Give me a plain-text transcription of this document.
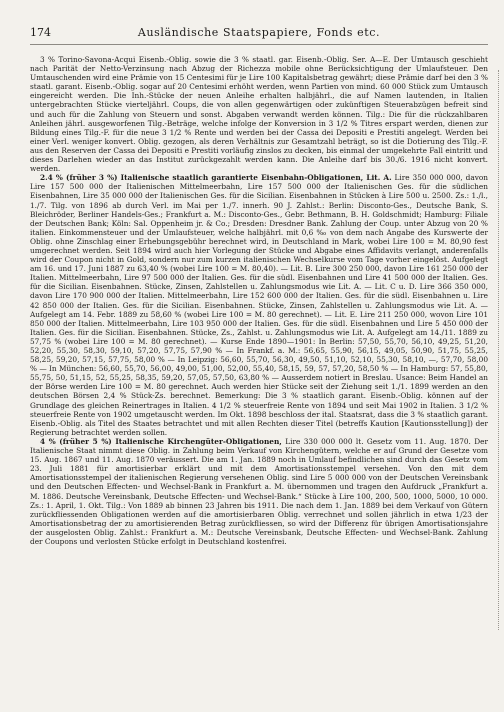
174	Ausländische Staatspapiere, Fonds etc.

3 % Torino-Savona-Acqui Eisenb.-Oblig. sowie die 3 % staatl. gar. Eisenb.-Oblig. Ser. A—E. Der Umtausch geschieht nach Parität der Netto-Verzinsung nach Abzug der Richezza mobile ohne Berücksichtigung der Umlaufsteuer. Den Umtauschenden wird eine Prämie von 15 Centesimi für je Lire 100 Kapitalsbetrag gewährt; diese Prämie darf bei den 3 % staatl. garant. Eisenb.-Oblig. sogar auf 20 Centesimi erhöht werden, wenn Partien von mind. 60 000 Stück zum Umtausch eingereicht werden. Die Inh.-Stücke der neuen Anleihe erhalten halbjährl., die auf Namen lautenden, in Italien untergebrachten Stücke vierteljährl. Coups, die von allen gegenwärtigen oder zukünftigen Steuerabzügen befreit sind und auch für die Zahlung von Steuern und sonst. Abgaben verwandt werden können. Tilg.: Die für die rückzahlbaren Anleihen jährl. ausgeworfenen Tilg.-Beträge, welche infolge der Konversion in 3 1/2 % Titres erspart werden, dienen zur Bildung eines Tilg.-F. für die neue 3 1/2 % Rente und werden bei der Cassa dei Depositi e Prestiti angelegt. Werden bei einer Verl. weniger konvert. Oblig. gezogen, als deren Verhältnis zur Gesamtzahl beträgt, so ist die Dotierung des Tilg.-F. aus den Reserven der Cassa dei Depositi e Prestiti vorläufig zinslos zu decken, bis einmal der umgekehrte Fall eintritt und dieses Darlehen wieder an das Institut zurückgezahlt werden kann. Die Anleihe darf bis 30./6. 1916 nicht konvert. werden.

2.4 % (früher 3 %) Italienische staatlich garantierte Eisenbahn-Obligationen, Lit. A. Lire 350 000 000, davon Lire 157 500 000 der Italienischen Mittelmeerbahn, Lire 157 500 000 der Italienischen Ges. für die südlichen Eisenbahnen, Lire 35 000 000 der Italienischen Ges. für die Sicilian. Eisenbahnen in Stücken à Lire 500 u. 2500. Zs.: 1./l., 1./7. Tilg. von 1896 ab durch Verl. im Mai per 1./7. innerh. 90 J. Zahlst.: Berlin: Disconto-Ges., Deutsche Bank, S. Bleichröder, Berliner Handels-Ges.; Frankfurt a. M.: Disconto-Ges., Gebr. Bethmann, B. H. Goldschmidt; Hamburg: Filiale der Deutschen Bank; Köln: Sal. Oppenheim jr. & Co.; Dresden: Dresdner Bank. Zahlung der Coup. unter Abzug von 20 % italien. Einkommensteuer und der Umlaufsteuer, welche halbjährl. mit 0,6 ‰ von dem nach Angabe des Kurswerte der Oblig. ohne Zinschlag einer Erhebungsgebühr berechnet wird, in Deutschland in Mark, wobei Lire 100 = M. 80,90 fest umgerechnet werden. Seit 1894 wird auch hier Vorlegung der Stücke und Abgabe eines Affidavits verlangt, anderenfalls wird der Coupon nicht in Gold, sondern nur zum kurzen italienischen Wechselkurse vom Tage vorher eingelöst. Aufgelegt am 16. und 17. Juni 1887 zu 63,40 % (wobei Lire 100 = M. 80,40). — Lit. B. Lire 300 250 000, davon Lire 161 250 000 der Italien. Mittelmeerbahn, Lire 97 500 000 der Italien. Ges. für die südl. Eisenbahnen und Lire 41 500 000 der Italien. Ges. für die Sicilian. Eisenbahnen. Stücke, Zinsen, Zahlstellen u. Zahlungsmodus wie Lit. A. — Lit. C u. D. Lire 366 350 000, davon Lire 170 900 000 der Italien. Mittelmeerbahn, Lire 152 600 000 der Italien. Ges. für die südl. Eisenbahnen u. Lire 42 850 000 der Italien. Ges. für die Sicilian. Eisenbahnen. Stücke, Zinsen, Zahlstellen u. Zahlungsmodus wie Lit. A. — Aufgelegt am 14. Febr. 1889 zu 58,60 % (wobei Lire 100 = M. 80 gerechnet). — Lit. E. Lire 211 250 000, wovon Lire 101 850 000 der Italien. Mittelmeerbahn, Lire 103 950 000 der Italien. Ges. für die südl. Eisenbahnen und Lire 5 450 000 der Italien. Ges. für die Sicilian. Eisenbahnen. Stücke, Zs., Zahlst. u. Zahlungsmodus wie Lit. A. Aufgelegt am 14./11. 1889 zu 57,75 % (wobei Lire 100 = M. 80 gerechnet). — Kurse Ende 1890—1901: In Berlin: 57,50, 55,70, 56,10, 49,25, 51,20, 52,20, 55,30, 58,30, 59,10, 57,20, 57,75, 57,90 % — In Frankf. a. M.: 56,65, 55,90, 56,15, 49,05, 50,90, 51,75, 55,25, 58,25, 59,20, 57,15, 57,75, 58,00 % — In Leipzig: 56,60, 55,70, 56,30, 49,50, 51,10, 52,10, 55,30, 58,10, —, 57,70, 58,00 % — In München: 56,60, 55,70, 56,00, 49,00, 51,00, 52,00, 55,40, 58,15, 59, 57, 57,20, 58,50 % — In Hamburg: 57, 55,80, 55,75, 50, 51,15, 52, 55,25, 58,35, 59,20, 57,05, 57,50, 63,80 % — Ausserdem notiert in Breslau. Usance: Beim Handel an der Börse werden Lire 100 = M. 80 gerechnet. Auch werden hier Stücke seit der Ziehung seit 1./1. 1899 werden an den deutschen Börsen 2,4 % Stück-Zs. berechnet. Bemerkung: Die 3 % staatlich garant. Eisenb.-Oblig. können auf der Grundlage des gleichen Reinertrages in Italien. 4 1/2 % steuerfreie Rente von 1894 und seit Mai 1902 in Italien. 3 1/2 % steuerfreie Rente von 1902 umgetauscht werden. Im Okt. 1898 beschloss der ital. Staatsrat, dass die 3 % staatlich garant. Eisenb.-Oblig. als Titel des Staates betrachtet und mit allen Rechten dieser Titel (betreffs Kaution [Kautionsstellung]) der Regierung betrachtet werden sollen.

4 % (früher 5 %) Italienische Kirchengüter-Obligationen, Lire 330 000 000 lt. Gesetz vom 11. Aug. 1870. Der Italienische Staat nimmt diese Oblig. in Zahlung beim Verkauf von Kirchengütern, welche er auf Grund der Gesetze vom 15. Aug. 1867 und 11. Aug. 1870 veräussert. Die am 1. Jan. 1889 noch in Umlauf befindlichen sind durch das Gesetz vom 23. Juli 1881 für amortisierbar erklärt und mit dem Amortisationsstempel versehen. Von den mit dem Amortisationsstempel der italienischen Regierung versehenen Oblig. sind Lire 5 000 000 von der Deutschen Vereinsbank und den Deutschen Effecten- und Wechsel-Bank in Frankfurt a. M. übernommen und tragen den Aufdruck „Frankfurt a. M. 1886. Deutsche Vereinsbank, Deutsche Effecten- und Wechsel-Bank.“ Stücke à Lire 100, 200, 500, 1000, 5000, 10 000. Zs.: 1. April, 1. Okt. Tilg.: Von 1889 ab binnen 23 Jahren bis 1911. Die nach dem 1. Jan. 1889 bei dem Verkauf von Gütern zurückfliessenden Obligationen werden auf die amortisierbaren Oblig. verrechnet und sollen jährlich in etwa 1/23 der Amortisationsbetrag der zu amortisierenden Betrag zurückfliessen, so wird der Differenz für übrigen Amortisationsjahre der ausgelosten Oblig. Zahlst.: Frankfurt a. M.: Deutsche Vereinsbank, Deutsche Effecten- und Wechsel-Bank. Zahlung der Coupons und verlosten Stücke erfolgt in Deutschland kostenfrei.
